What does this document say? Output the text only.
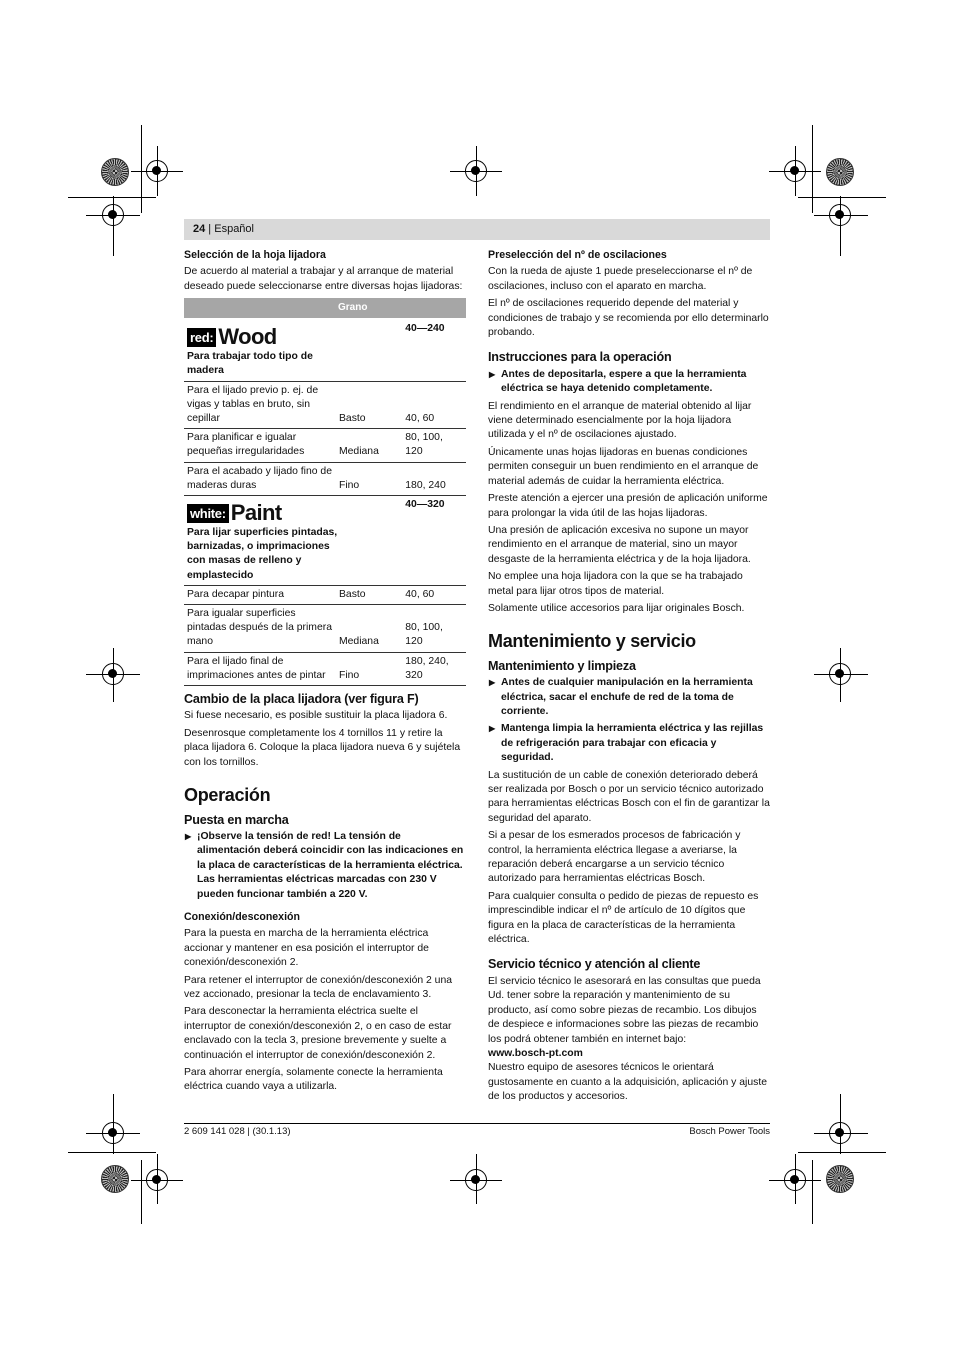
24 | Español
Selección de la hoja lijadora

De acuerdo al material a trabajar y al arranque de material deseado puede seleccionarse entre diversas hojas lijadoras:

	Grano	

red: Wood		40—240
Para trabajar todo tipo de madera		
Para el lijado previo p. ej. de vigas y tablas en bruto, sin cepillar	Basto	40, 60
Para planificar e igualar pequeñas irregularidades	Mediana	80, 100, 120
Para el acabado y lijado fino de maderas duras	Fino	180, 240

white: Paint		40—320
Para lijar superficies pintadas, barnizadas, o imprimaciones con masas de relleno y emplastecido		
Para decapar pintura	Basto	40, 60
Para igualar superficies pintadas después de la primera mano	Mediana	80, 100, 120
Para el lijado final de imprimaciones antes de pintar	Fino	180, 240, 320
Cambio de la placa lijadora (ver figura F)

Si fuese necesario, es posible sustituir la placa lijadora 6.

Desenrosque completamente los 4 tornillos 11 y retire la placa lijadora 6. Coloque la placa lijadora nueva 6 y sujétela con los tornillos.

Operación
Puesta en marcha
▶ ¡Observe la tensión de red! La tensión de alimentación deberá coincidir con las indicaciones en la placa de características de la herramienta eléctrica. Las herramientas eléctricas marcadas con 230 V pueden funcionar también a 220 V.
Conexión/desconexión

Para la puesta en marcha de la herramienta eléctrica accionar y mantener en esa posición el interruptor de conexión/desconexión 2.

Para retener el interruptor de conexión/desconexión 2 una vez accionado, presionar la tecla de enclavamiento 3.

Para desconectar la herramienta eléctrica suelte el interruptor de conexión/desconexión 2, o en caso de estar enclavado con la tecla 3, presione brevemente y suelte a continuación el interruptor de conexión/desconexión 2.

Para ahorrar energía, solamente conecte la herramienta eléctrica cuando vaya a utilizarla.

Preselección del nº de oscilaciones

Con la rueda de ajuste 1 puede preseleccionarse el nº de oscilaciones, incluso con el aparato en marcha.

El nº de oscilaciones requerido depende del material y condiciones de trabajo y se recomienda por ello determinarlo probando.

Instrucciones para la operación
▶ Antes de depositarla, espere a que la herramienta eléctrica se haya detenido completamente.

El rendimiento en el arranque de material obtenido al lijar viene determinado esencialmente por la hoja lijadora utilizada y el nº de oscilaciones ajustado.

Únicamente unas hojas lijadoras en buenas condiciones permiten conseguir un buen rendimiento en el arranque de material además de cuidar la herramienta eléctrica.

Preste atención a ejercer una presión de aplicación uniforme para prolongar la vida útil de las hojas lijadoras.

Una presión de aplicación excesiva no supone un mayor rendimiento en el arranque de material, sino un mayor desgaste de la herramienta eléctrica y de la hoja lijadora.

No emplee una hoja lijadora con la que se ha trabajado metal para lijar otros tipos de material.

Solamente utilice accesorios para lijar originales Bosch.

Mantenimiento y servicio
Mantenimiento y limpieza
▶ Antes de cualquier manipulación en la herramienta eléctrica, sacar el enchufe de red de la toma de corriente.
▶ Mantenga limpia la herramienta eléctrica y las rejillas de refrigeración para trabajar con eficacia y seguridad.

La sustitución de un cable de conexión deteriorado deberá ser realizada por Bosch o por un servicio técnico autorizado para herramientas eléctricas Bosch con el fin de garantizar la seguridad del aparato.

Si a pesar de los esmerados procesos de fabricación y control, la herramienta eléctrica llegase a averiarse, la reparación deberá encargarse a un servicio técnico autorizado para herramientas eléctricas Bosch.

Para cualquier consulta o pedido de piezas de repuesto es imprescindible indicar el nº de artículo de 10 dígitos que figura en la placa de características de la herramienta eléctrica.

Servicio técnico y atención al cliente

El servicio técnico le asesorará en las consultas que pueda Ud. tener sobre la reparación y mantenimiento de su producto, así como sobre piezas de recambio. Los dibujos de despiece e informaciones sobre las piezas de recambio los podrá obtener también en internet bajo:

www.bosch-pt.com

Nuestro equipo de asesores técnicos le orientará gustosamente en cuanto a la adquisición, aplicación y ajuste de los productos y accesorios.

2 609 141 028 | (30.1.13)	Bosch Power Tools
